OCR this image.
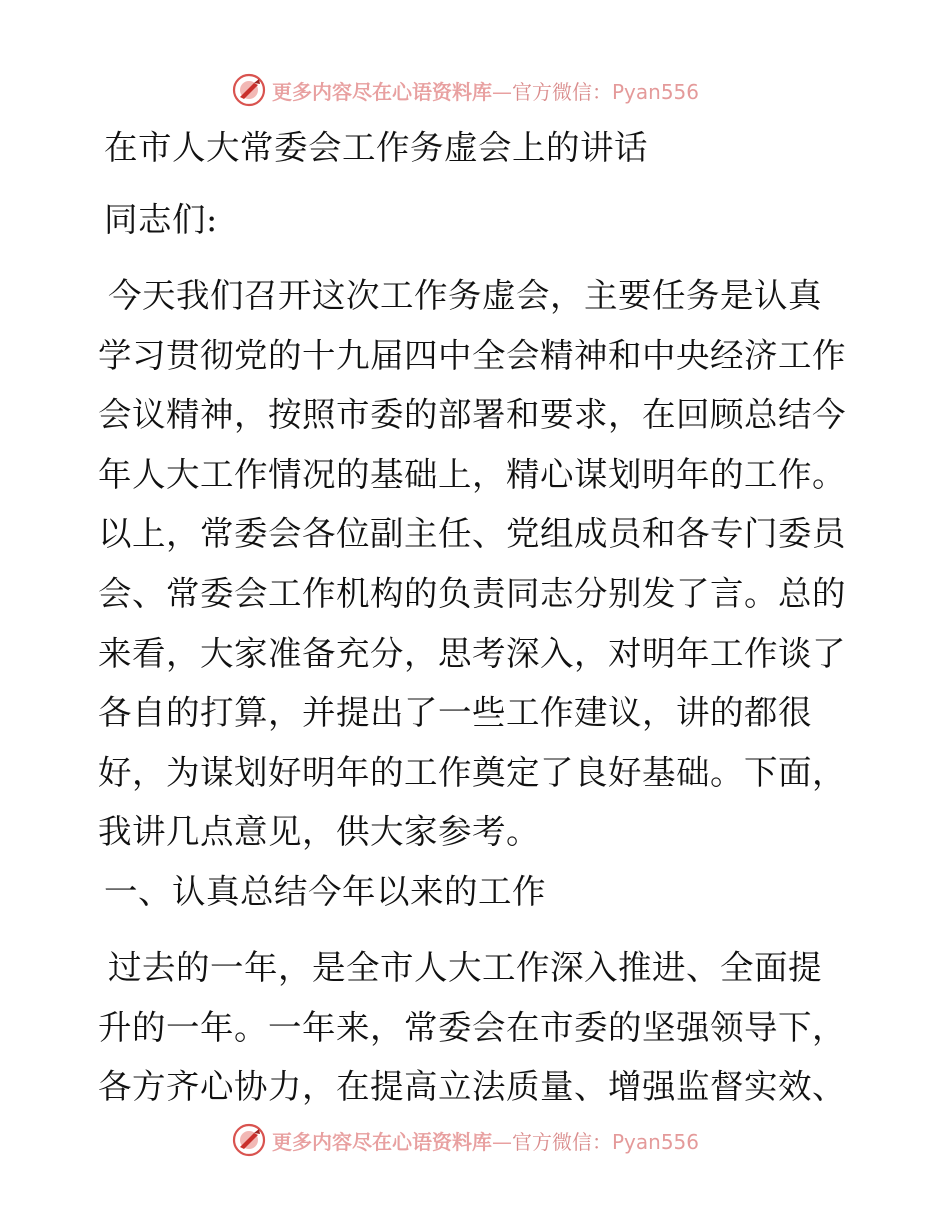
更多内容尽在心语资料库—官方微信：Pyan556
在市人大常委会工作务虚会上的讲话
同志们:
今天我们召开这次工作务虚会，主要任务是认真
学习贯彻党的十九届四中全会精神和中央经济工作
会议精神，按照市委的部署和要求，在回顾总结今
年人大工作情况的基础上，精心谋划明年的工作。
以上，常委会各位副主任、党组成员和各专门委员
会、常委会工作机构的负责同志分别发了言。总的
来看，大家准备充分，思考深入，对明年工作谈了
各自的打算，并提出了一些工作建议，讲的都很
好，为谋划好明年的工作奠定了良好基础。下面，
我讲几点意见，供大家参考。
一、认真总结今年以来的工作
过去的一年，是全市人大工作深入推进、全面提
升的一年。一年来，常委会在市委的坚强领导下，
各方齐心协力，在提高立法质量、增强监督实效、
更多内容尽在心语资料库—官方微信：Pyan556
